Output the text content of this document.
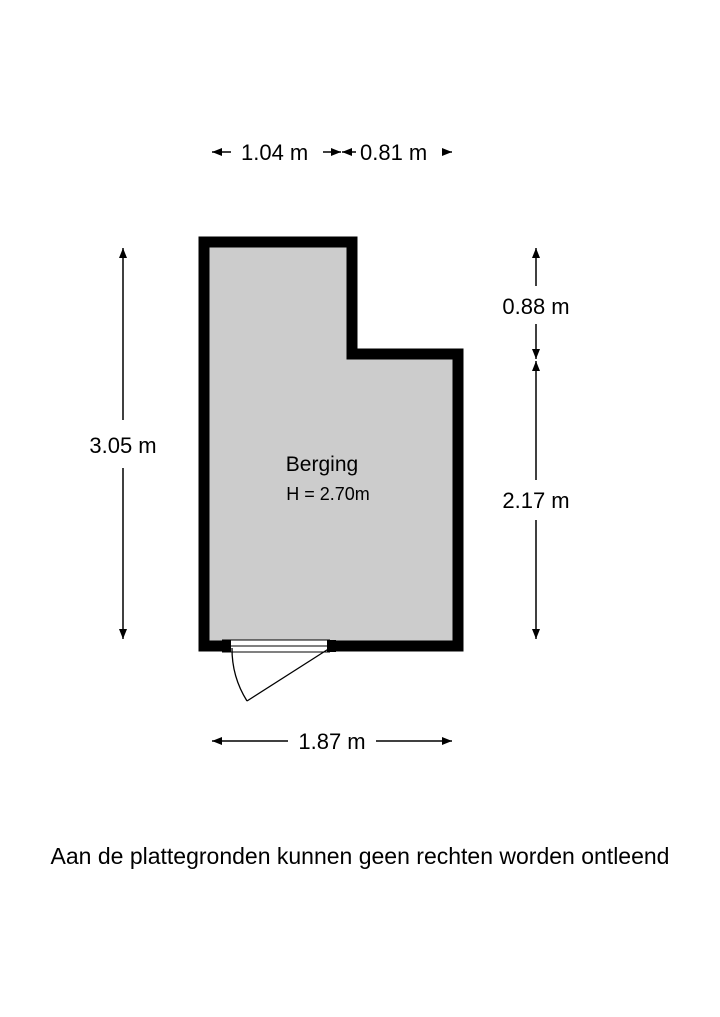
1.04 m 0.81 m
3.05 m
0.88 m
2.17 m
1.87 m
Berging
H = 2.70m
Aan de plattegronden kunnen geen rechten worden ontleend
